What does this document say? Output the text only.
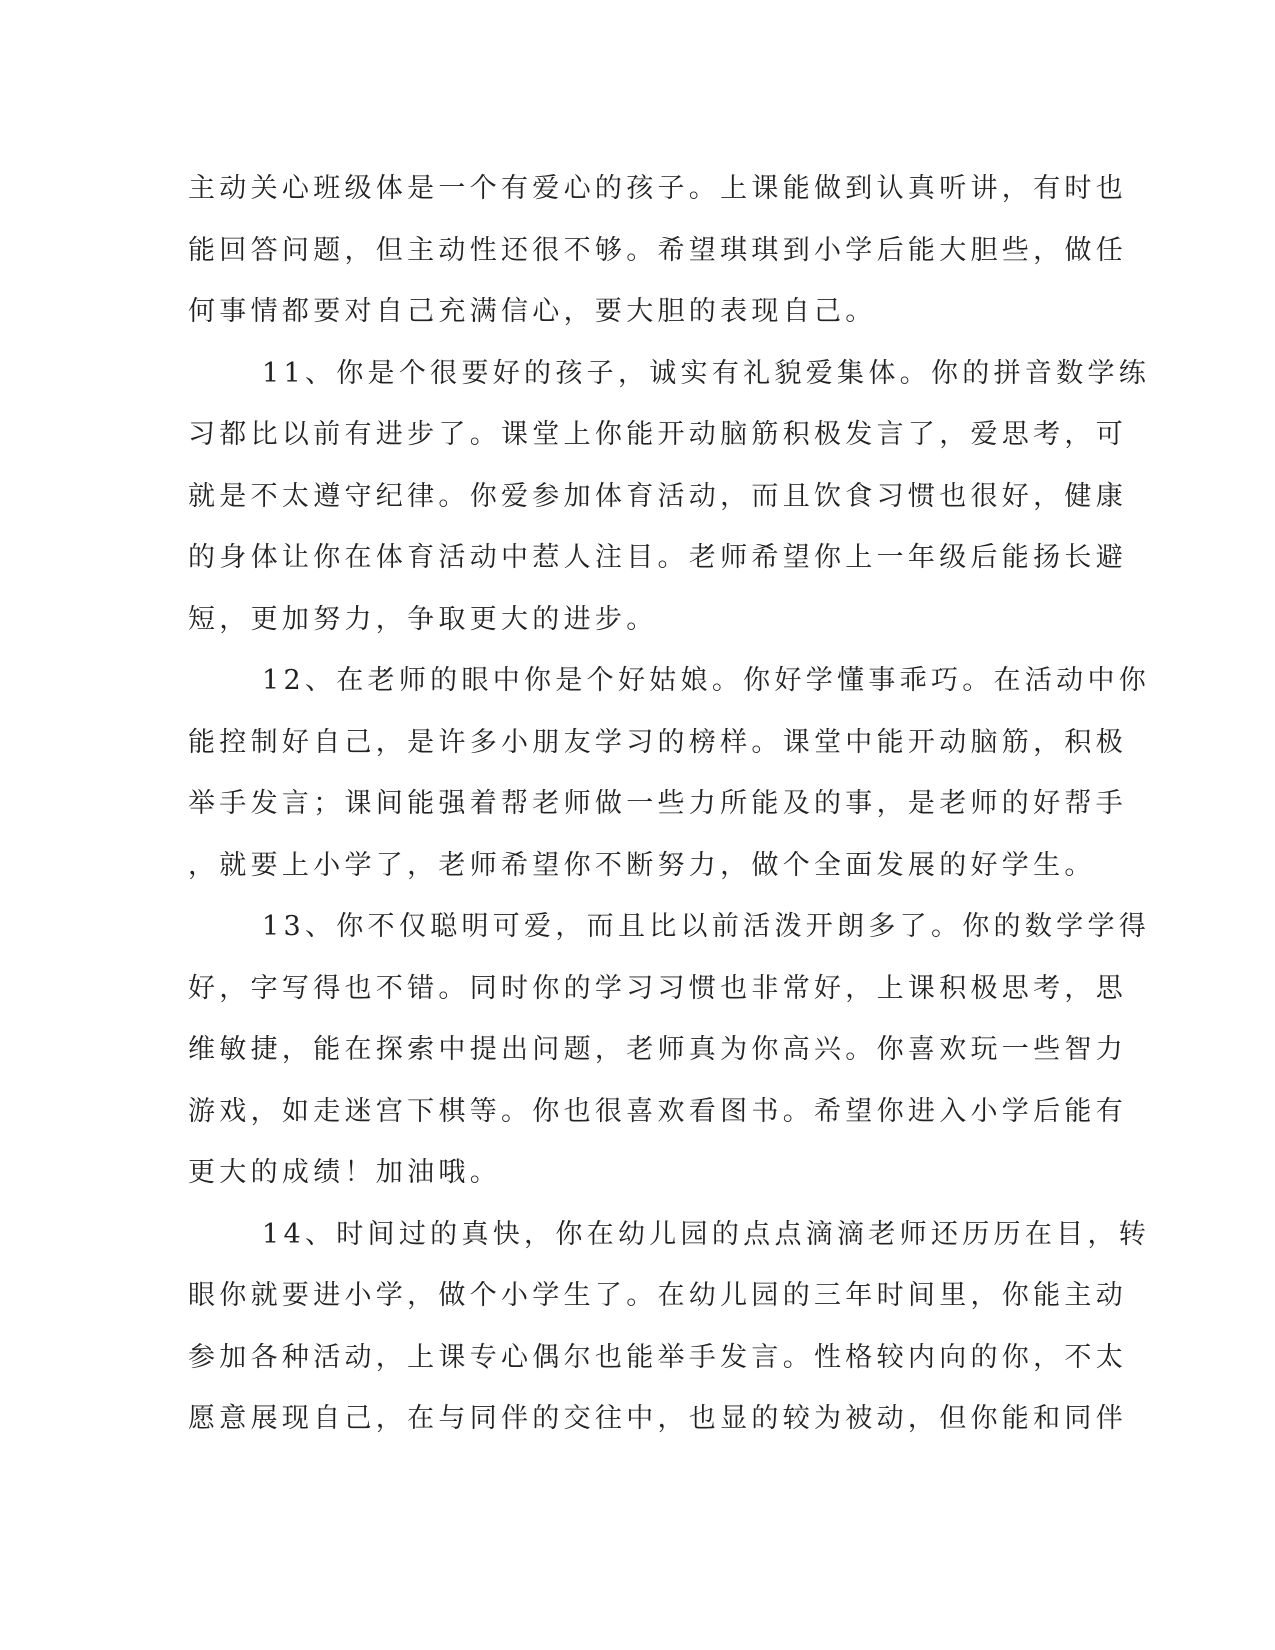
主动关心班级体是一个有爱心的孩子。上课能做到认真听讲，有时也
能回答问题，但主动性还很不够。希望琪琪到小学后能大胆些，做任
何事情都要对自己充满信心，要大胆的表现自己。
11、你是个很要好的孩子，诚实有礼貌爱集体。你的拼音数学练
习都比以前有进步了。课堂上你能开动脑筋积极发言了，爱思考，可
就是不太遵守纪律。你爱参加体育活动，而且饮食习惯也很好，健康
的身体让你在体育活动中惹人注目。老师希望你上一年级后能扬长避
短，更加努力，争取更大的进步。
12、在老师的眼中你是个好姑娘。你好学懂事乖巧。在活动中你
能控制好自己，是许多小朋友学习的榜样。课堂中能开动脑筋，积极
举手发言；课间能强着帮老师做一些力所能及的事，是老师的好帮手
，就要上小学了，老师希望你不断努力，做个全面发展的好学生。
13、你不仅聪明可爱，而且比以前活泼开朗多了。你的数学学得
好，字写得也不错。同时你的学习习惯也非常好，上课积极思考，思
维敏捷，能在探索中提出问题，老师真为你高兴。你喜欢玩一些智力
游戏，如走迷宫下棋等。你也很喜欢看图书。希望你进入小学后能有
更大的成绩！加油哦。
14、时间过的真快，你在幼儿园的点点滴滴老师还历历在目，转
眼你就要进小学，做个小学生了。在幼儿园的三年时间里，你能主动
参加各种活动，上课专心偶尔也能举手发言。性格较内向的你，不太
愿意展现自己，在与同伴的交往中，也显的较为被动，但你能和同伴
